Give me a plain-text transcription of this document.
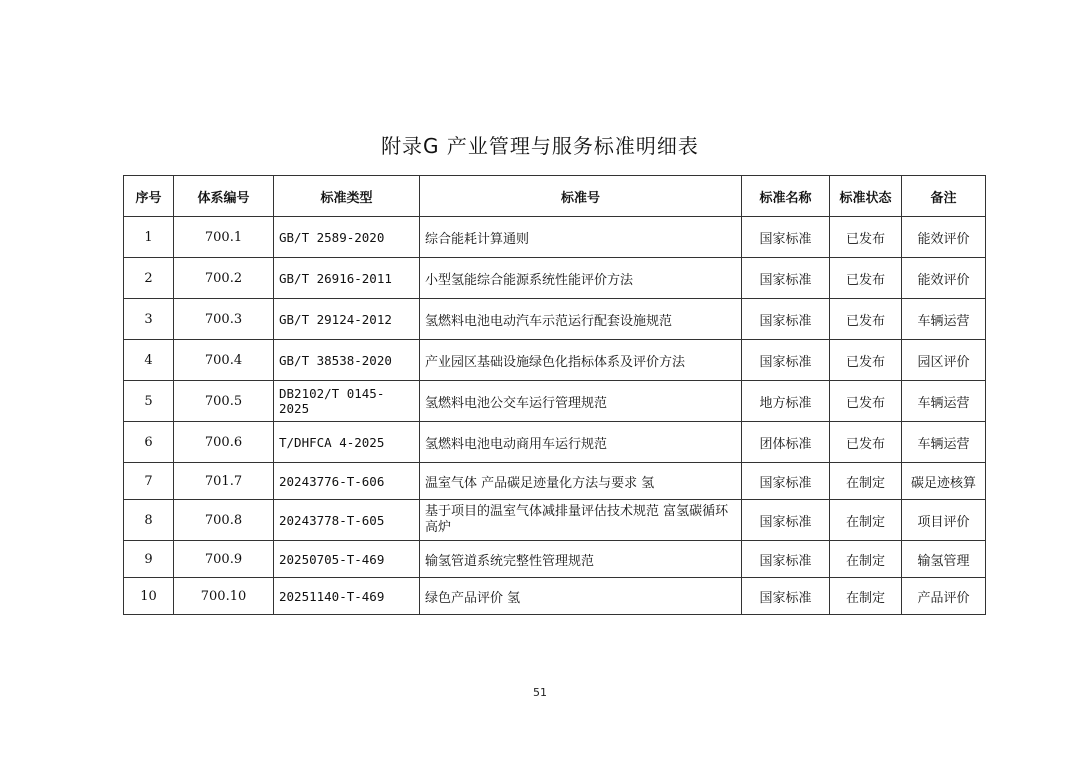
附录G 产业管理与服务标准明细表
序号	体系编号	标准类型	标准号	标准名称	标准状态	备注
1	700.1	GB/T 2589-2020	综合能耗计算通则	国家标准	已发布	能效评价
2	700.2	GB/T 26916-2011	小型氢能综合能源系统性能评价方法	国家标准	已发布	能效评价
3	700.3	GB/T 29124-2012	氢燃料电池电动汽车示范运行配套设施规范	国家标准	已发布	车辆运营
4	700.4	GB/T 38538-2020	产业园区基础设施绿色化指标体系及评价方法	国家标准	已发布	园区评价
5	700.5	DB2102/T 0145-2025	氢燃料电池公交车运行管理规范	地方标准	已发布	车辆运营
6	700.6	T/DHFCA 4-2025	氢燃料电池电动商用车运行规范	团体标准	已发布	车辆运营
7	701.7	20243776-T-606	温室气体 产品碳足迹量化方法与要求 氢	国家标准	在制定	碳足迹核算
8	700.8	20243778-T-605	基于项目的温室气体减排量评估技术规范 富氢碳循环高炉	国家标准	在制定	项目评价
9	700.9	20250705-T-469	输氢管道系统完整性管理规范	国家标准	在制定	输氢管理
10	700.10	20251140-T-469	绿色产品评价 氢	国家标准	在制定	产品评价
51
